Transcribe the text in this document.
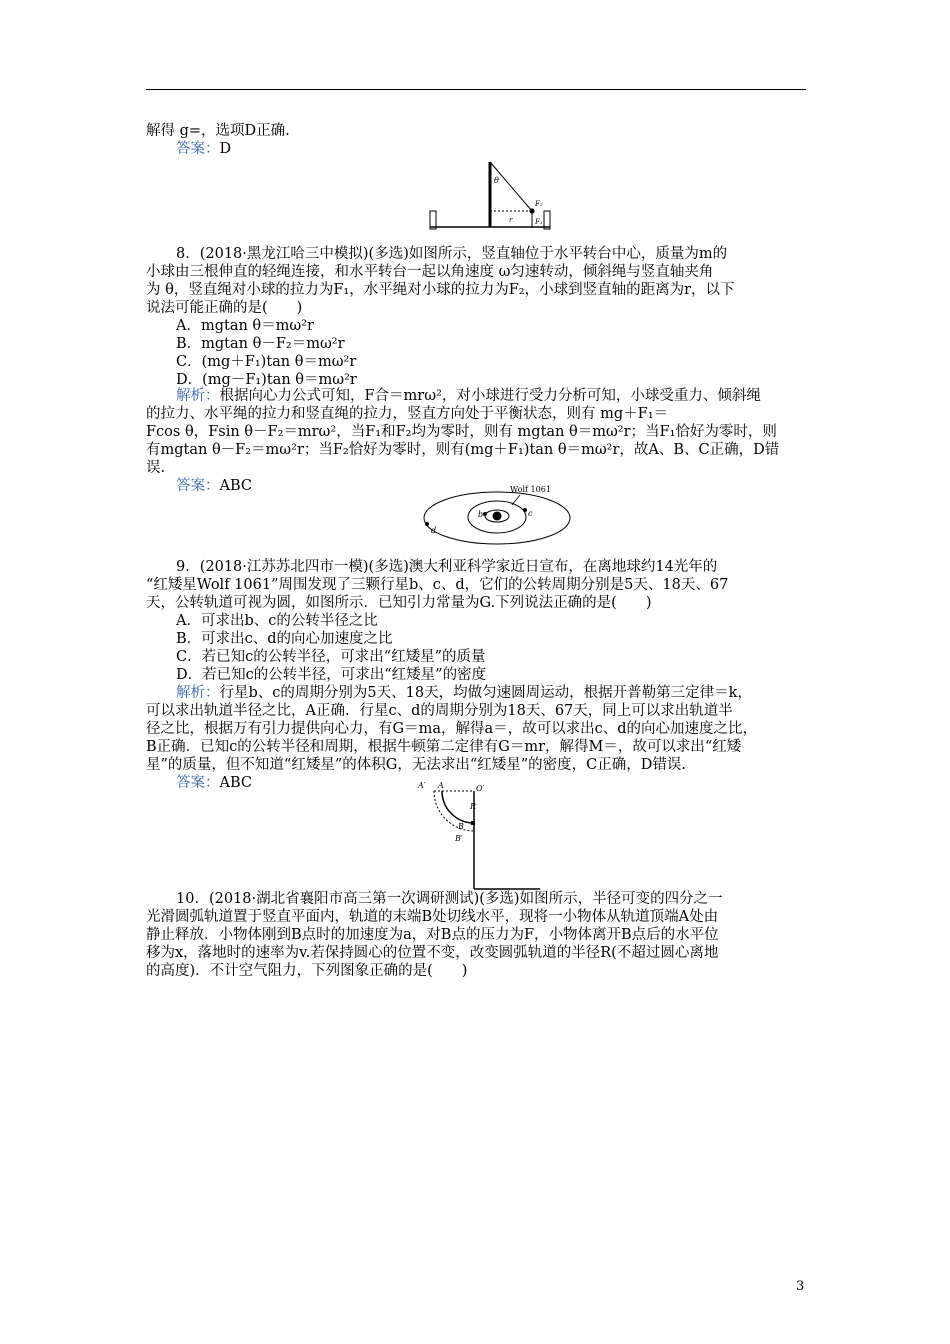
解得 g=，选项D正确.
答案：D
θ
F₂
F₁
r
8．(2018·黑龙江哈三中模拟)(多选)如图所示，竖直轴位于水平转台中心，质量为m的
小球由三根伸直的轻绳连接，和水平转台一起以角速度 ω匀速转动，倾斜绳与竖直轴夹角
为 θ，竖直绳对小球的拉力为F₁，水平绳对小球的拉力为F₂，小球到竖直轴的距离为r，以下
说法可能正确的是(　　)
A．mgtan θ＝mω²r
B．mgtan θ－F₂＝mω²r
C．(mg＋F₁)tan θ＝mω²r
D．(mg－F₁)tan θ＝mω²r
解析：根据向心力公式可知，F合＝mrω²，对小球进行受力分析可知，小球受重力、倾斜绳
的拉力、水平绳的拉力和竖直绳的拉力，竖直方向处于平衡状态，则有 mg＋F₁＝
Fcos θ，Fsin θ－F₂＝mrω²，当F₁和F₂均为零时，则有 mgtan θ＝mω²r；当F₁恰好为零时，则
有mgtan θ－F₂＝mω²r；当F₂恰好为零时，则有(mg＋F₁)tan θ＝mω²r，故A、B、C正确，D错
误.
答案：ABC	Wolf 1061
b	c
d
9．(2018·江苏苏北四市一模)(多选)澳大利亚科学家近日宣布，在离地球约14光年的
“红矮星Wolf 1061”周围发现了三颗行星b、c、d，它们的公转周期分别是5天、18天、67
天，公转轨道可视为圆，如图所示．已知引力常量为G.下列说法正确的是(　　)
A．可求出b、c的公转半径之比
B．可求出c、d的向心加速度之比
C．若已知c的公转半径，可求出“红矮星”的质量
D．若已知c的公转半径，可求出“红矮星”的密度
解析：行星b、c的周期分别为5天、18天，均做匀速圆周运动，根据开普勒第三定律＝k，
可以求出轨道半径之比，A正确．行星c、d的周期分别为18天、67天，同上可以求出轨道半
径之比，根据万有引力提供向心力，有G＝ma，解得a＝，故可以求出c、d的向心加速度之比，
B正确．已知c的公转半径和周期，根据牛顿第二定律有G＝mr，解得M＝，故可以求出“红矮
星”的质量，但不知道“红矮星”的体积G，无法求出“红矮星”的密度，C正确，D错误.
答案：ABC	A′ A	O′
R
B
B′
10．(2018·湖北省襄阳市高三第一次调研测试)(多选)如图所示，半径可变的四分之一
光滑圆弧轨道置于竖直平面内，轨道的末端B处切线水平，现将一小物体从轨道顶端A处由
静止释放．小物体刚到B点时的加速度为a，对B点的压力为F，小物体离开B点后的水平位
移为x，落地时的速率为v.若保持圆心的位置不变，改变圆弧轨道的半径R(不超过圆心离地
的高度)．不计空气阻力，下列图象正确的是(　　)
3
